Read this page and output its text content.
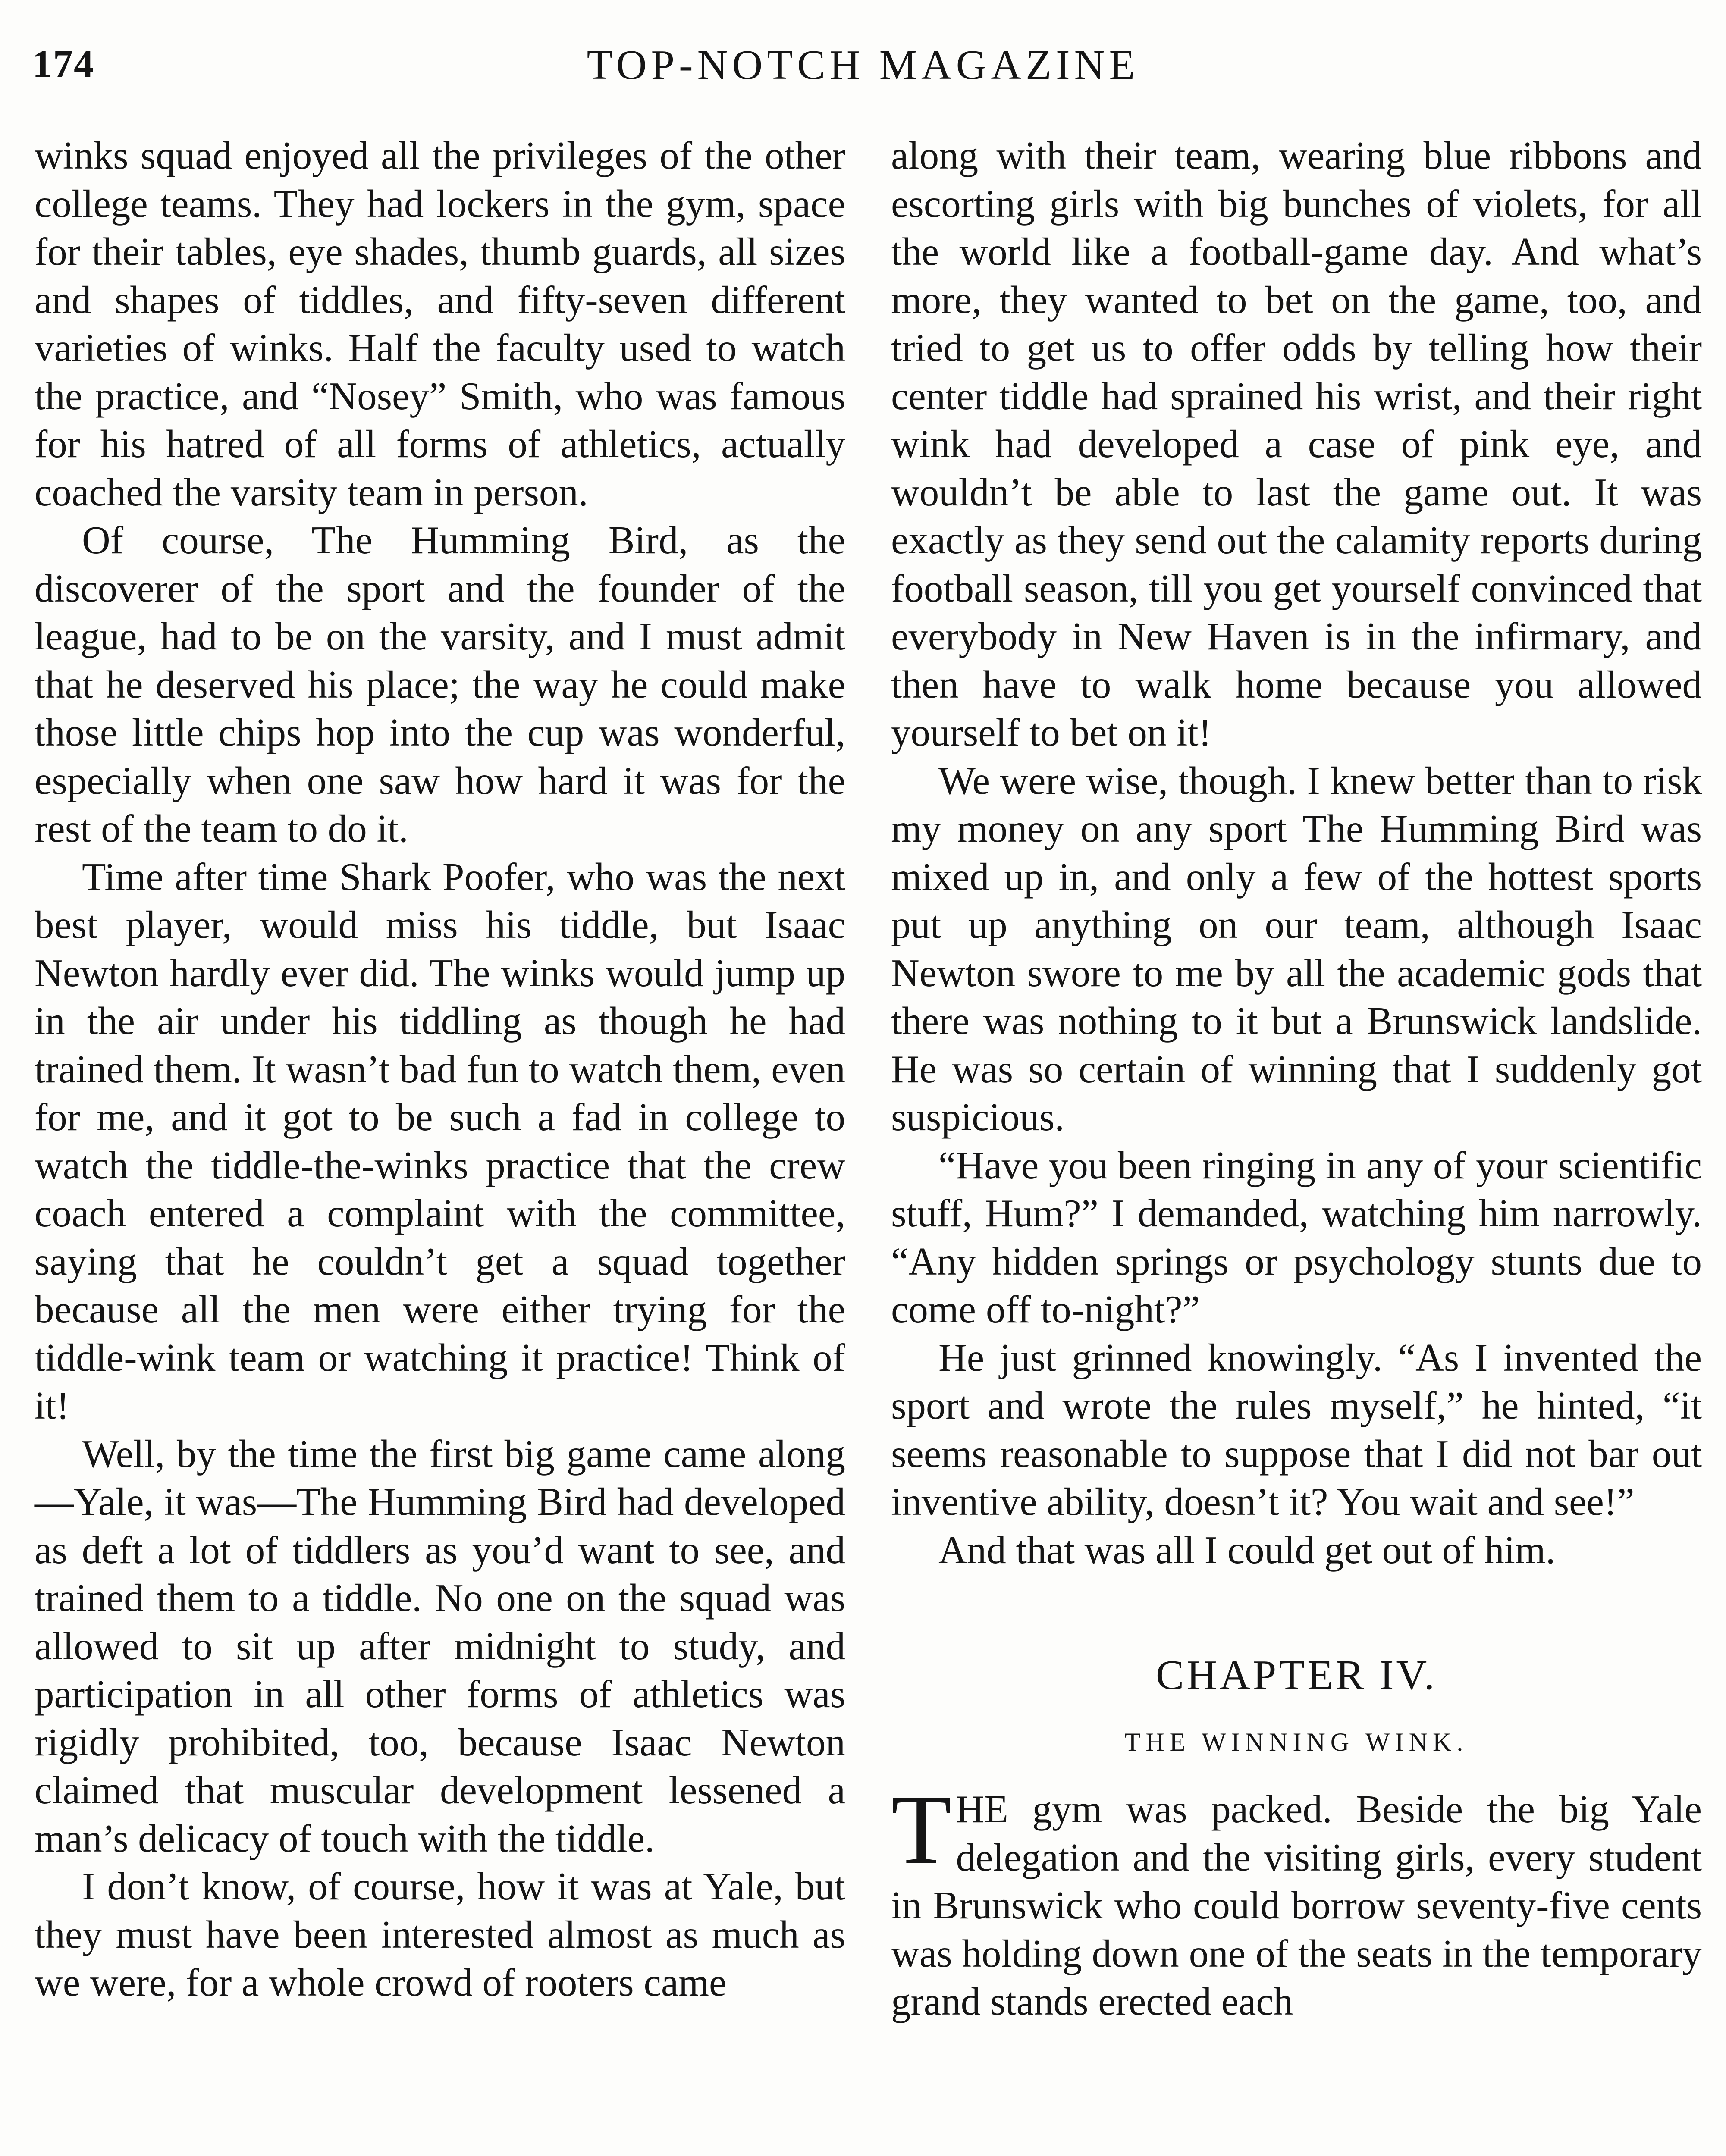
174	TOP-NOTCH MAGAZINE

winks squad enjoyed all the privileges of the other college teams. They had lockers in the gym, space for their tables, eye shades, thumb guards, all sizes and shapes of tiddles, and fifty-seven different varieties of winks. Half the faculty used to watch the practice, and “Nosey” Smith, who was famous for his hatred of all forms of athletics, actually coached the varsity team in person.

Of course, The Humming Bird, as the discoverer of the sport and the founder of the league, had to be on the varsity, and I must admit that he deserved his place; the way he could make those little chips hop into the cup was wonderful, especially when one saw how hard it was for the rest of the team to do it.

Time after time Shark Poofer, who was the next best player, would miss his tiddle, but Isaac Newton hardly ever did. The winks would jump up in the air under his tiddling as though he had trained them. It wasn’t bad fun to watch them, even for me, and it got to be such a fad in college to watch the tiddle-the-winks practice that the crew coach entered a complaint with the committee, saying that he couldn’t get a squad together because all the men were either trying for the tiddle-wink team or watching it practice! Think of it!

Well, by the time the first big game came along—Yale, it was—The Humming Bird had developed as deft a lot of tiddlers as you’d want to see, and trained them to a tiddle. No one on the squad was allowed to sit up after midnight to study, and participation in all other forms of athletics was rigidly prohibited, too, because Isaac Newton claimed that muscular development lessened a man’s delicacy of touch with the tiddle.

I don’t know, of course, how it was at Yale, but they must have been interested almost as much as we were, for a whole crowd of rooters came

along with their team, wearing blue ribbons and escorting girls with big bunches of violets, for all the world like a football-game day. And what’s more, they wanted to bet on the game, too, and tried to get us to offer odds by telling how their center tiddle had sprained his wrist, and their right wink had developed a case of pink eye, and wouldn’t be able to last the game out. It was exactly as they send out the calamity reports during football season, till you get yourself convinced that everybody in New Haven is in the infirmary, and then have to walk home because you allowed yourself to bet on it!

We were wise, though. I knew better than to risk my money on any sport The Humming Bird was mixed up in, and only a few of the hottest sports put up anything on our team, although Isaac Newton swore to me by all the academic gods that there was nothing to it but a Brunswick landslide. He was so certain of winning that I suddenly got suspicious.

“Have you been ringing in any of your scientific stuff, Hum?” I demanded, watching him narrowly. “Any hidden springs or psychology stunts due to come off to-night?”

He just grinned knowingly. “As I invented the sport and wrote the rules myself,” he hinted, “it seems reasonable to suppose that I did not bar out inventive ability, doesn’t it? You wait and see!”

And that was all I could get out of him.

CHAPTER IV.
THE WINNING WINK.

THE gym was packed. Beside the big Yale delegation and the visiting girls, every student in Brunswick who could borrow seventy-five cents was holding down one of the seats in the temporary grand stands erected each
